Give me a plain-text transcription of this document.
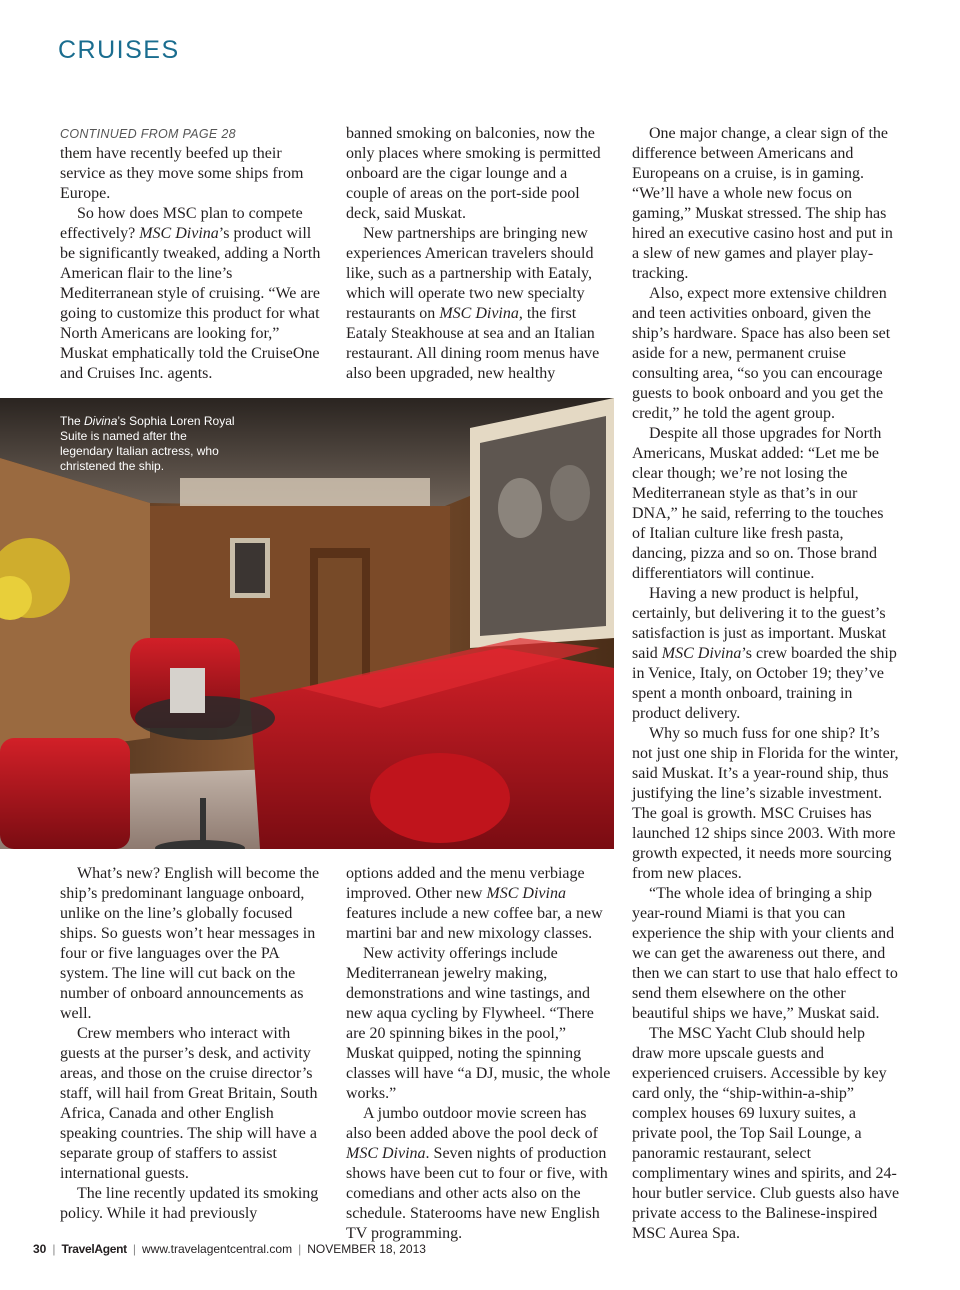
CRUISES

CONTINUED FROM PAGE 28

them have recently beefed up their service as they move some ships from Europe.

So how does MSC plan to compete effectively? MSC Divina’s product will be significantly tweaked, adding a North American flair to the line’s Mediterranean style of cruising. “We are going to customize this product for what North Americans are looking for,” Muskat emphatically told the CruiseOne and Cruises Inc. agents.

banned smoking on balconies, now the only places where smoking is permitted onboard are the cigar lounge and a couple of areas on the port-side pool deck, said Muskat.

New partnerships are bringing new experiences American travelers should like, such as a partnership with Eataly, which will operate two new specialty restaurants on MSC Divina, the first Eataly Steakhouse at sea and an Italian restaurant. All dining room menus have also been upgraded, new healthy

One major change, a clear sign of the difference between Americans and Europeans on a cruise, is in gaming. “We’ll have a whole new focus on gaming,” Muskat stressed. The ship has hired an executive casino host and put in a slew of new games and player play-tracking.

Also, expect more extensive children and teen activities onboard, given the ship’s hardware. Space has also been set aside for a new, permanent cruise consulting area, “so you can encourage guests to book onboard and you get the credit,” he told the agent group.

Despite all those upgrades for North Americans, Muskat added: “Let me be clear though; we’re not losing the Mediterranean style as that’s in our DNA,” he said, referring to the touches of Italian culture like fresh pasta, dancing, pizza and so on. Those brand differentiators will continue.

Having a new product is helpful, certainly, but delivering it to the guest’s satisfaction is just as important. Muskat said MSC Divina’s crew boarded the ship in Venice, Italy, on October 19; they’ve spent a month onboard, training in product delivery.

Why so much fuss for one ship? It’s not just one ship in Florida for the winter, said Muskat. It’s a year-round ship, thus justifying the line’s sizable investment. The goal is growth. MSC Cruises has launched 12 ships since 2003. With more growth expected, it needs more sourcing from new places.

“The whole idea of bringing a ship year-round Miami is that you can experience the ship with your clients and we can get the awareness out there, and then we can start to use that halo effect to send them elsewhere on the other beautiful ships we have,” Muskat said.

The MSC Yacht Club should help draw more upscale guests and experienced cruisers. Accessible by key card only, the “ship-within-a-ship” complex houses 69 luxury suites, a private pool, the Top Sail Lounge, a panoramic restaurant, select complimentary wines and spirits, and 24-hour butler service. Club guests also have private access to the Balinese-inspired MSC Aurea Spa.

The Divina’s Sophia Loren Royal Suite is named after the legendary Italian actress, who christened the ship.

What’s new? English will become the ship’s predominant language onboard, unlike on the line’s globally focused ships. So guests won’t hear messages in four or five languages over the PA system. The line will cut back on the number of onboard announcements as well.

Crew members who interact with guests at the purser’s desk, and activity areas, and those on the cruise director’s staff, will hail from Great Britain, South Africa, Canada and other English speaking countries. The ship will have a separate group of staffers to assist international guests.

The line recently updated its smoking policy. While it had previously

options added and the menu verbiage improved. Other new MSC Divina features include a new coffee bar, a new martini bar and new mixology classes.

New activity offerings include Mediterranean jewelry making, demonstrations and wine tastings, and new aqua cycling by Flywheel. “There are 20 spinning bikes in the pool,” Muskat quipped, noting the spinning classes will have “a DJ, music, the whole works.”

A jumbo outdoor movie screen has also been added above the pool deck of MSC Divina. Seven nights of production shows have been cut to four or five, with comedians and other acts also on the schedule. Staterooms have new English TV programming.

30 | TravelAgent | www.travelagentcentral.com | NOVEMBER 18, 2013
